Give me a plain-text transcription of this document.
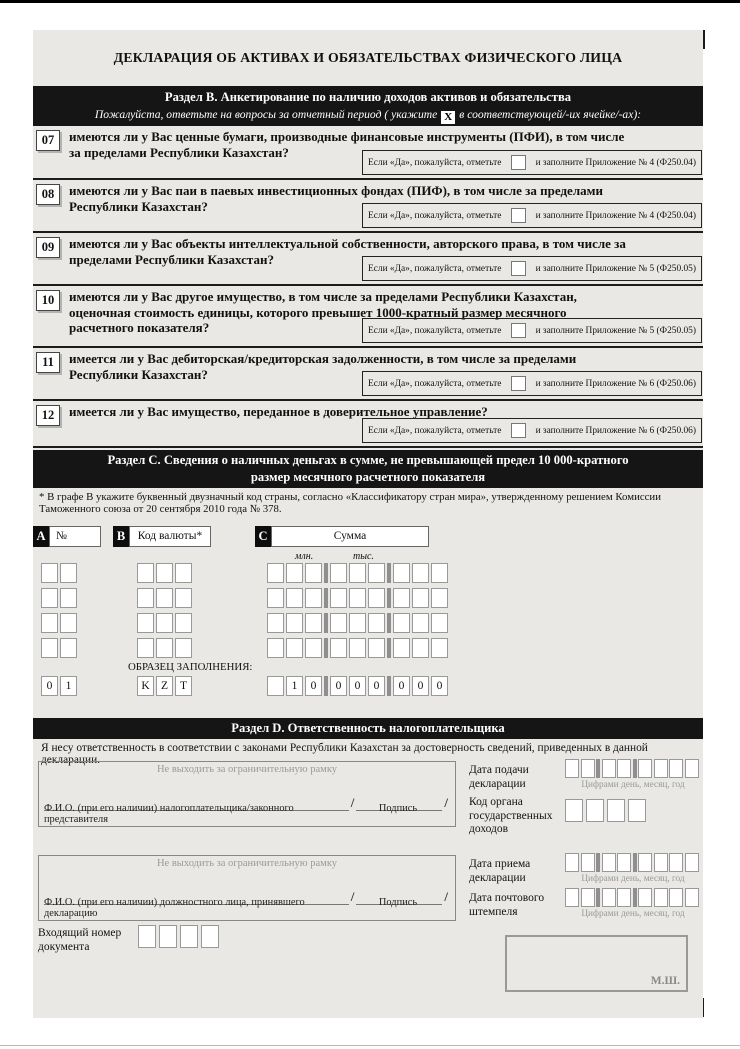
ДЕКЛАРАЦИЯ ОБ АКТИВАХ И ОБЯЗАТЕЛЬСТВАХ ФИЗИЧЕСКОГО ЛИЦА
Раздел B. Анкетирование по наличию доходов активов и обязательства
Пожалуйста, ответьте на вопросы за отчетный период ( укажите X в соответствующей/-их ячейке/-ах):
07	имеются ли у Вас ценные бумаги, производные финансовые инструменты (ПФИ), в том числе за пределами Республики Казахстан?
Если «Да», пожалуйста, отметьте	и заполните Приложение № 4 (Ф250.04)
08	имеются ли у Вас паи в паевых инвестиционных фондах (ПИФ), в том числе за пределами Республики Казахстан?
Если «Да», пожалуйста, отметьте	и заполните Приложение № 4 (Ф250.04)
09	имеются ли у Вас объекты интеллектуальной собственности, авторского права, в том числе за пределами Республики Казахстан?
Если «Да», пожалуйста, отметьте	и заполните Приложение № 5 (Ф250.05)
10	имеются ли у Вас другое имущество, в том числе за пределами Республики Казахстан, оценочная стоимость единицы, которого превышет 1000-кратный размер месячного расчетного показателя?	Если «Да», пожалуйста, отметьте	и заполните Приложение № 5 (Ф250.05)
11	имеется ли у Вас дебиторская/кредиторская задолженности, в том числе за пределами Республики Казахстан?
Если «Да», пожалуйста, отметьте	и заполните Приложение № 6 (Ф250.06)
12	имеется ли у Вас имущество, переданное в доверительное управление?
Если «Да», пожалуйста, отметьте	и заполните Приложение № 6 (Ф250.06)
Раздел С. Сведения о наличных деньгах в сумме, не превышающей предел 10 000-кратного
размер месячного расчетного показателя
* В графе В укажите буквенный двузначный код страны, согласно «Классификатору стран мира», утвержденному решением Комиссии Таможенного союза от 20 сентября 2010 года № 378.
А №	В	Код валюты*	С	Сумма
млн.	тыс.
0	1	K Z	T	1	0	0	0	0	0	0	0
ОБРАЗЕЦ ЗАПОЛНЕНИЯ:
Раздел D. Ответственность налогоплательщика
Я несу ответственность в соответствии с законами Республики Казахстан за достоверность сведений, приведенных в данной декларации.
Не выходить за ограничительную рамку
/	/
Ф.И.О. (при его наличии) налогоплательщика/законного представителя
Подпись
Дата подачи декларации	Цифрами день, месяц, год
Код органа государственных доходов
Не выходить за ограничительную рамку
/	/
Ф.И.О. (при его наличии) должностного лица, принявшего декларацию
Подпись
Дата приема декларации	Цифрами день, месяц, год
Дата почтового штемпеля	Цифрами день, месяц, год
Входящий номер документа
М.Ш.
